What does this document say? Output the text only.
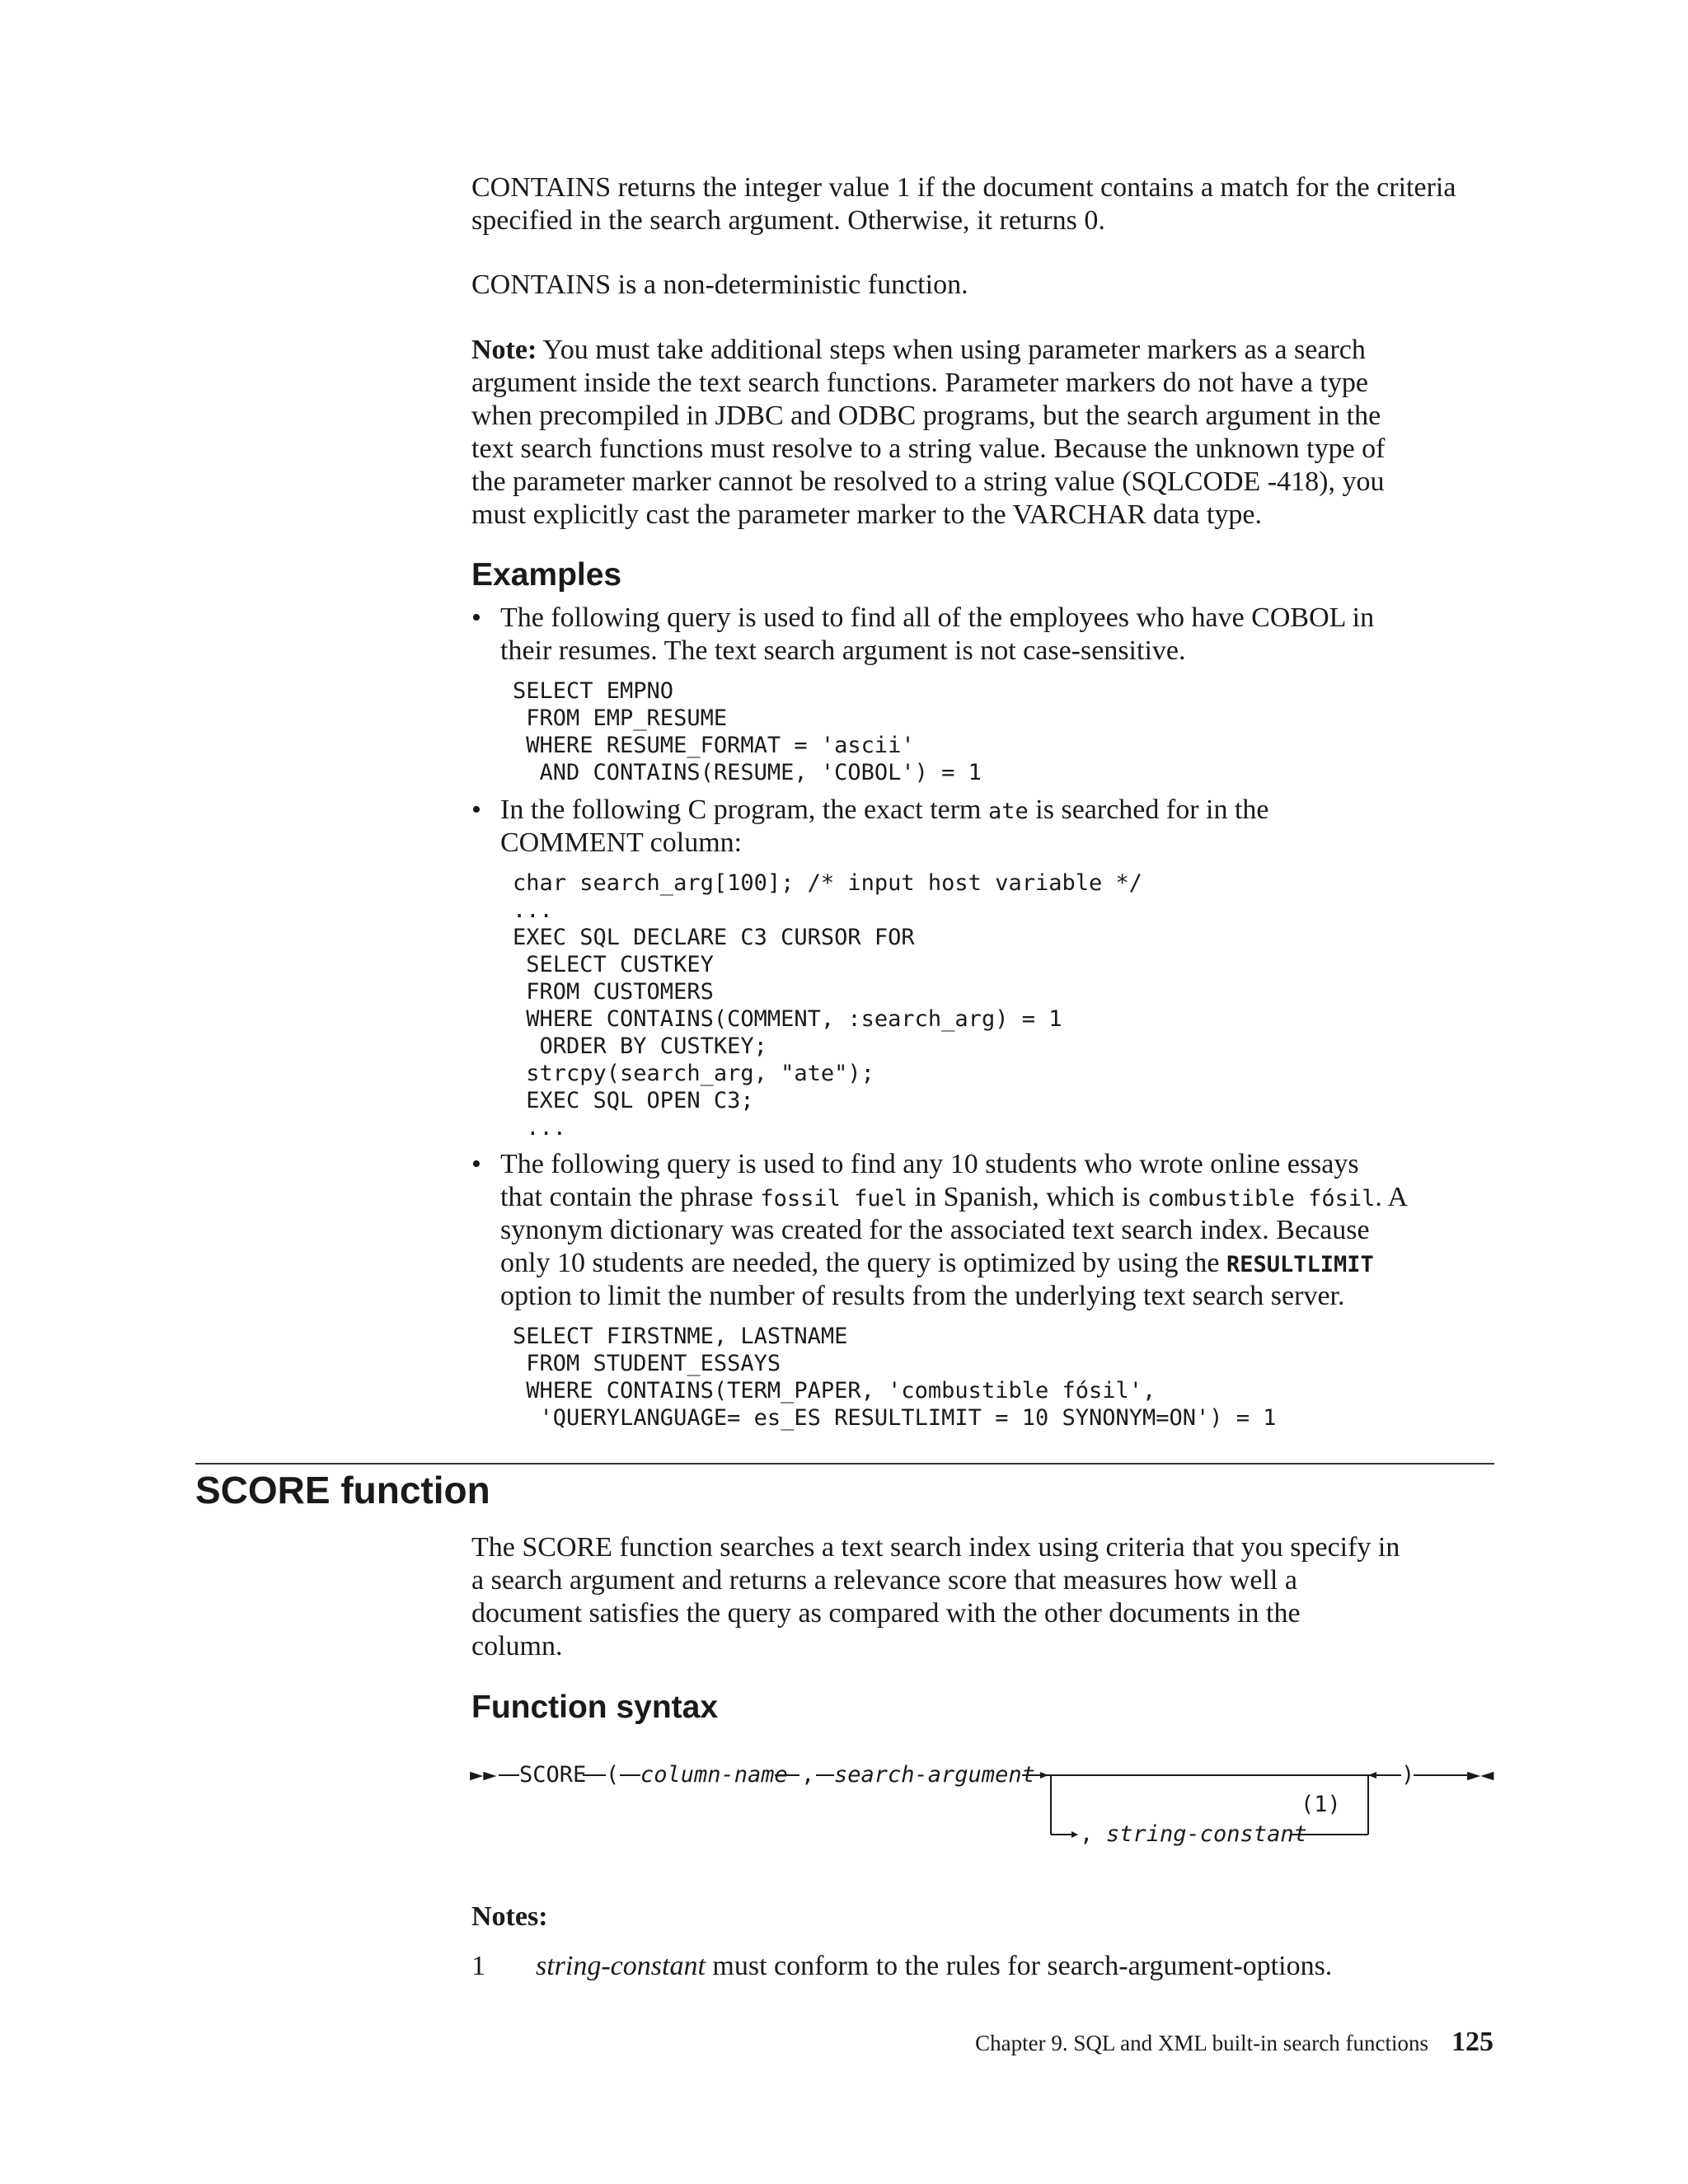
CONTAINS returns the integer value 1 if the document contains a match for the criteria specified in the search argument. Otherwise, it returns 0.

CONTAINS is a non-deterministic function.

Note: You must take additional steps when using parameter markers as a search

argument inside the text search functions. Parameter markers do not have a type

when precompiled in JDBC and ODBC programs, but the search argument in the

text search functions must resolve to a string value. Because the unknown type of

the parameter marker cannot be resolved to a string value (SQLCODE -418), you

must explicitly cast the parameter marker to the VARCHAR data type.

Examples
• The following query is used to find all of the employees who have COBOL in

their resumes. The text search argument is not case-sensitive.

SELECT EMPNO
FROM EMP_RESUME
WHERE RESUME_FORMAT = 'ascii'
AND CONTAINS(RESUME, 'COBOL') = 1
• In the following C program, the exact term ate is searched for in the

COMMENT column:

char search_arg[100]; /* input host variable */
...
EXEC SQL DECLARE C3 CURSOR FOR
SELECT CUSTKEY
FROM CUSTOMERS
WHERE CONTAINS(COMMENT, :search_arg) = 1
ORDER BY CUSTKEY;
strcpy(search_arg, "ate");
EXEC SQL OPEN C3;
...
• The following query is used to find any 10 students who wrote online essays

that contain the phrase fossil fuel in Spanish, which is combustible fósil. A

synonym dictionary was created for the associated text search index. Because

only 10 students are needed, the query is optimized by using the RESULTLIMIT

option to limit the number of results from the underlying text search server.

SELECT FIRSTNME, LASTNAME
FROM STUDENT_ESSAYS
WHERE CONTAINS(TERM_PAPER, 'combustible fósil',
'QUERYLANGUAGE= es_ES RESULTLIMIT = 10 SYNONYM=ON') = 1
SCORE function

The SCORE function searches a text search index using criteria that you specify in

a search argument and returns a relevance score that measures how well a

document satisfies the query as compared with the other documents in the

column.

Function syntax
►► SCORE ( column-name , search-argument	) ►◄
(1)
, string-constant

Notes:

1 string-constant must conform to the rules for search-argument-options.

Chapter 9. SQL and XML built-in search functions 125
